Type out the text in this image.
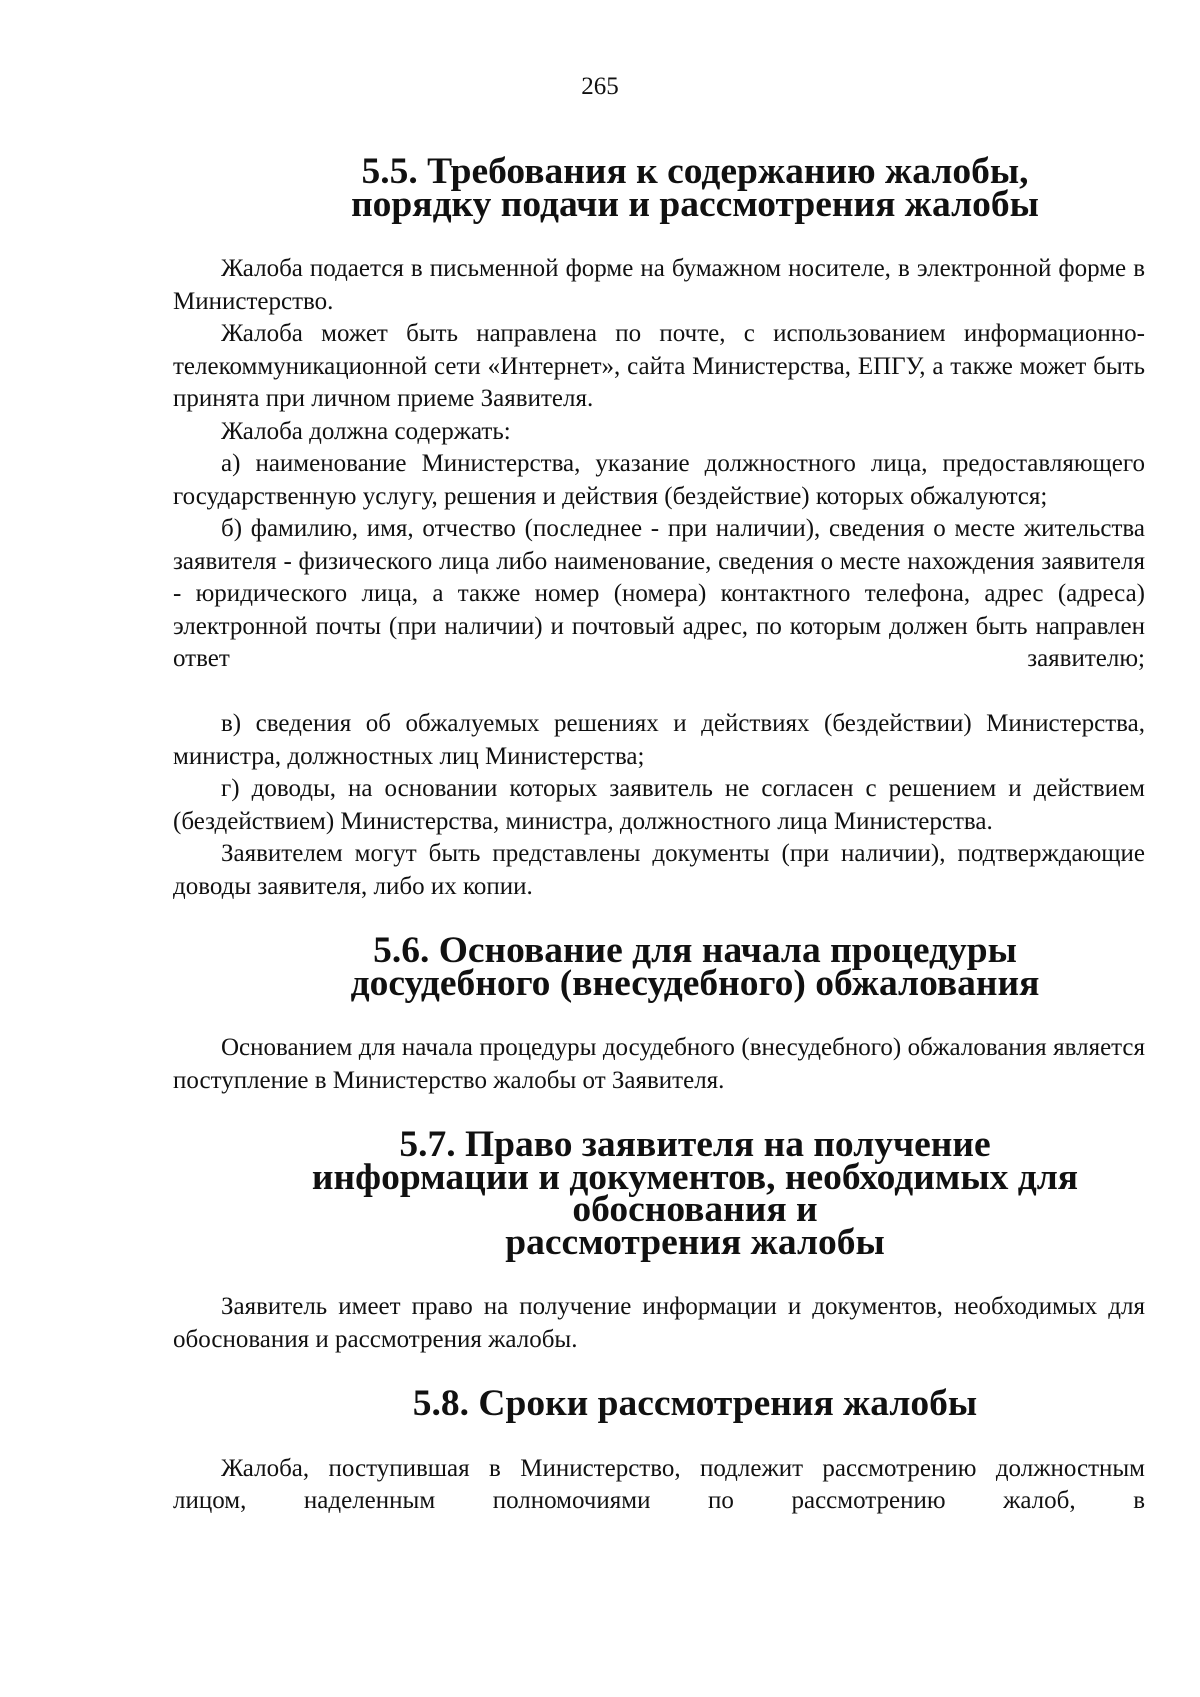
265
5.5. Требования к содержанию жалобы,
порядку подачи и рассмотрения жалобы

Жалоба подается в письменной форме на бумажном носителе, в электронной форме в Министерство.

Жалоба может быть направлена по почте, с использованием информационно-телекоммуникационной сети «Интернет», сайта Министерства, ЕПГУ, а также может быть принята при личном приеме Заявителя.

Жалоба должна содержать:

а) наименование Министерства, указание должностного лица, предоставляющего государственную услугу, решения и действия (бездействие) которых обжалуются;

б) фамилию, имя, отчество (последнее - при наличии), сведения о месте жительства заявителя - физического лица либо наименование, сведения о месте нахождения заявителя - юридического лица, а также номер (номера) контактного телефона, адрес (адреса) электронной почты (при наличии) и почтовый адрес, по которым должен быть направлен ответ заявителю;

в) сведения об обжалуемых решениях и действиях (бездействии) Министерства, министра, должностных лиц Министерства;

г) доводы, на основании которых заявитель не согласен с решением и действием (бездействием) Министерства, министра, должностного лица Министерства.

Заявителем могут быть представлены документы (при наличии), подтверждающие доводы заявителя, либо их копии.

5.6. Основание для начала процедуры
досудебного (внесудебного) обжалования

Основанием для начала процедуры досудебного (внесудебного) обжалования является поступление в Министерство жалобы от Заявителя.

5.7. Право заявителя на получение
информации и документов, необходимых для обоснования и
рассмотрения жалобы

Заявитель имеет право на получение информации и документов, необходимых для обоснования и рассмотрения жалобы.

5.8. Сроки рассмотрения жалобы

Жалоба, поступившая в Министерство, подлежит рассмотрению должностным лицом, наделенным полномочиями по рассмотрению жалоб, в
